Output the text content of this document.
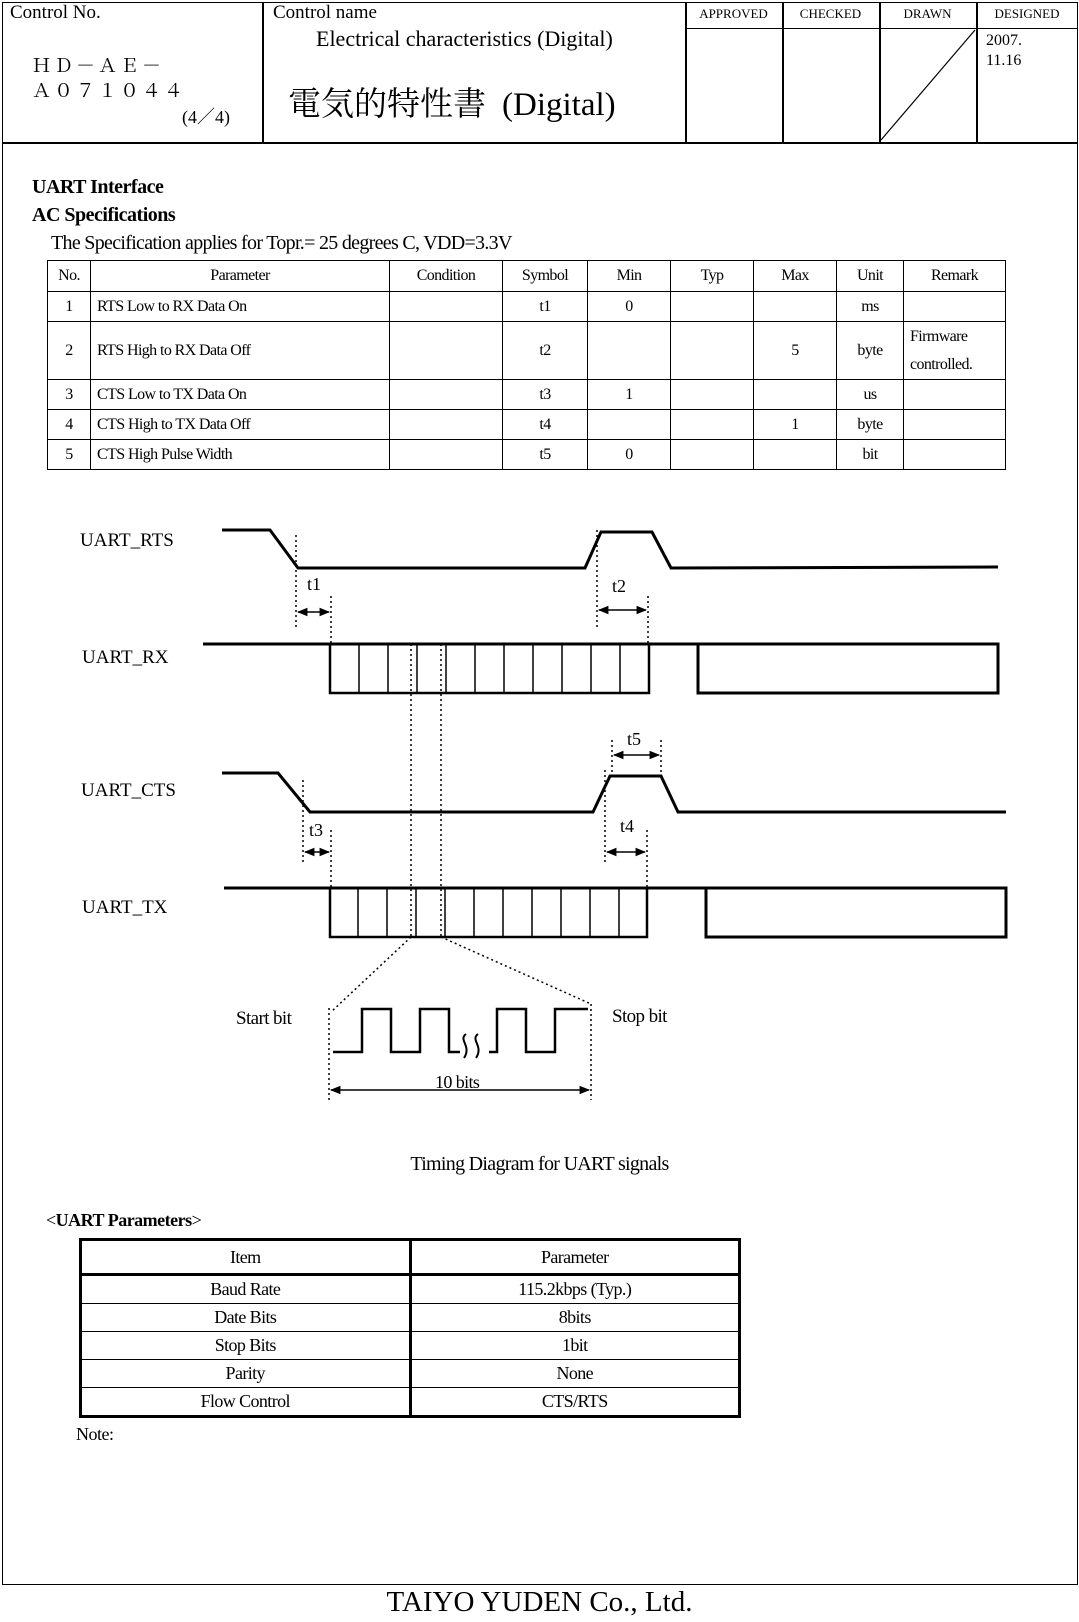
Control No.
ＨＤ－ＡＥ－
Ａ０７１０４４
(4／4)
Control name
Electrical characteristics (Digital)
電気的特性書 (Digital)
APPROVED	CHECKED	DRAWN	DESIGNED
2007.
11.16
UART Interface
AC Specifications
The Specification applies for Topr.= 25 degrees C, VDD=3.3V
No.	Parameter	Condition	Symbol	Min	Typ	Max	Unit	Remark
1	RTS Low to RX Data On		t1	0			ms	
2	RTS High to RX Data Off		t2			5	byte	Firmware
controlled.
3	CTS Low to TX Data On		t3	1			us	
4	CTS High to TX Data Off		t4			1	byte	
5	CTS High Pulse Width		t5	0			bit	
UART_RTS
UART_RX
UART_CTS
UART_TX
t1	t2
t5
t3	t4
Start bit	Stop bit
10 bits
Timing Diagram for UART signals
<UART Parameters>
Item	Parameter
Baud Rate	115.2kbps (Typ.)
Date Bits	8bits
Stop Bits	1bit
Parity	None
Flow Control	CTS/RTS
Note:
TAIYO YUDEN Co., Ltd.
